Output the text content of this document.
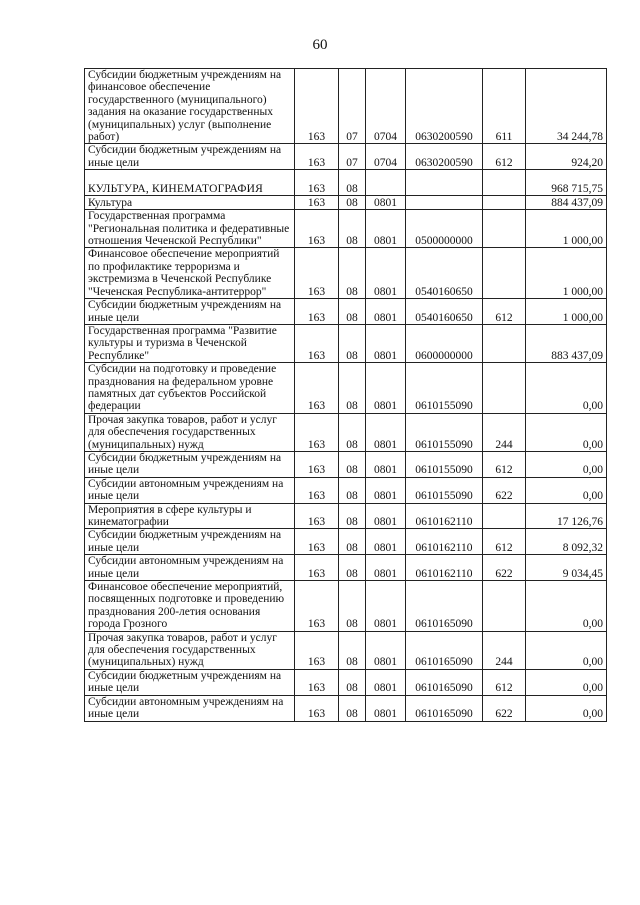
60
Субсидии бюджетным учреждениям на финансовое обеспечение государственного (муниципального) задания на оказание государственных (муниципальных) услуг (выполнение работ)	163	07	0704	0630200590	611	34 244,78
Субсидии бюджетным учреждениям на иные цели	163	07	0704	0630200590	612	924,20
КУЛЬТУРА, КИНЕМАТОГРАФИЯ	163	08				968 715,75
Культура	163	08	0801			884 437,09
Государственная программа "Региональная политика и федеративные отношения Чеченской Республики"	163	08	0801	0500000000		1 000,00
Финансовое обеспечение мероприятий по профилактике терроризма и экстремизма в Чеченской Республике "Чеченская Республика-антитеррор"	163	08	0801	0540160650		1 000,00
Субсидии бюджетным учреждениям на иные цели	163	08	0801	0540160650	612	1 000,00
Государственная программа "Развитие культуры и туризма в Чеченской Республике"	163	08	0801	0600000000		883 437,09
Субсидии на подготовку и проведение празднования на федеральном уровне памятных дат субъектов Российской федерации	163	08	0801	0610155090		0,00
Прочая закупка товаров, работ и услуг для обеспечения государственных (муниципальных) нужд	163	08	0801	0610155090	244	0,00
Субсидии бюджетным учреждениям на иные цели	163	08	0801	0610155090	612	0,00
Субсидии автономным учреждениям на иные цели	163	08	0801	0610155090	622	0,00
Мероприятия в сфере культуры и кинематографии	163	08	0801	0610162110		17 126,76
Субсидии бюджетным учреждениям на иные цели	163	08	0801	0610162110	612	8 092,32
Субсидии автономным учреждениям на иные цели	163	08	0801	0610162110	622	9 034,45
Финансовое обеспечение мероприятий, посвященных подготовке и проведению празднования 200-летия основания города Грозного	163	08	0801	0610165090		0,00
Прочая закупка товаров, работ и услуг для обеспечения государственных (муниципальных) нужд	163	08	0801	0610165090	244	0,00
Субсидии бюджетным учреждениям на иные цели	163	08	0801	0610165090	612	0,00
Субсидии автономным учреждениям на иные цели	163	08	0801	0610165090	622	0,00
